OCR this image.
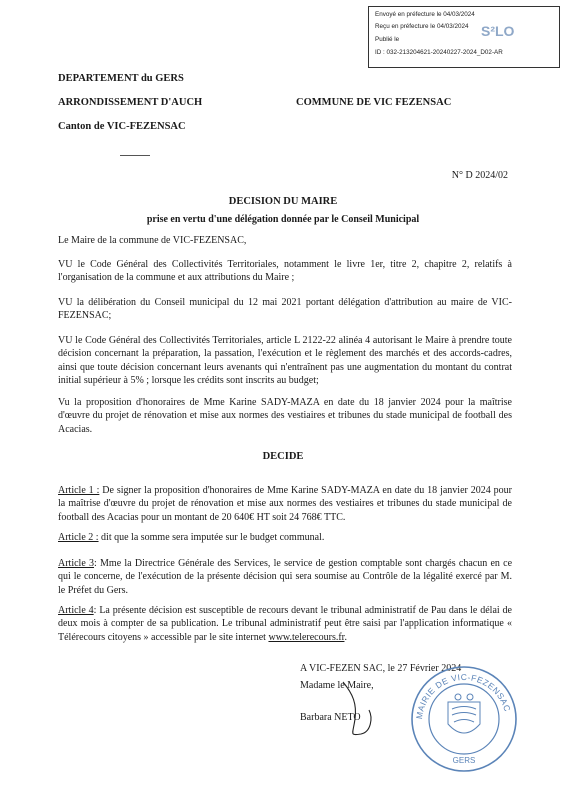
Envoyé en préfecture le 04/03/2024
Reçu en préfecture le 04/03/2024
Publié le
ID : 032-213204621-20240227-2024_D02-AR
S²LO
DEPARTEMENT du GERS
ARRONDISSEMENT D'AUCH	COMMUNE DE VIC FEZENSAC
Canton de VIC-FEZENSAC
N° D 2024/02
DECISION DU MAIRE
prise en vertu d'une délégation donnée par le Conseil Municipal
Le Maire de la commune de VIC-FEZENSAC,
VU le Code Général des Collectivités Territoriales, notamment le livre 1er, titre 2, chapitre 2, relatifs à l'organisation de la commune et aux attributions du Maire ;
VU la délibération du Conseil municipal du 12 mai 2021 portant délégation d'attribution au maire de VIC-FEZENSAC;
VU le Code Général des Collectivités Territoriales, article L 2122-22 alinéa 4 autorisant le Maire à prendre toute décision concernant la préparation, la passation, l'exécution et le règlement des marchés et des accords-cadres, ainsi que toute décision concernant leurs avenants qui n'entraînent pas une augmentation du montant du contrat initial supérieur à 5% ; lorsque les crédits sont inscrits au budget;
Vu la proposition d'honoraires de Mme Karine SADY-MAZA en date du 18 janvier 2024 pour la maîtrise d'œuvre du projet de rénovation et mise aux normes des vestiaires et tribunes du stade municipal de football des Acacias.
DECIDE
Article 1 : De signer la proposition d'honoraires de Mme Karine SADY-MAZA en date du 18 janvier 2024 pour la maîtrise d'œuvre du projet de rénovation et mise aux normes des vestiaires et tribunes du stade municipal de football des Acacias pour un montant de 20 640€ HT soit 24 768€ TTC.
Article 2 : dit que la somme sera imputée sur le budget communal.
Article 3: Mme la Directrice Générale des Services, le service de gestion comptable sont chargés chacun en ce qui le concerne, de l'exécution de la présente décision qui sera soumise au Contrôle de la légalité exercé par M. le Préfet du Gers.
Article 4: La présente décision est susceptible de recours devant le tribunal administratif de Pau dans le délai de deux mois à compter de sa publication. Le tribunal administratif peut être saisi par l'application informatique « Télérecours citoyens » accessible par le site internet www.telerecours.fr.
A VIC-FEZEN SAC, le 27 Février 2024
Madame le Maire,
Barbara NETO	MAIRIE DE VIC-FEZENSAC
GERS
